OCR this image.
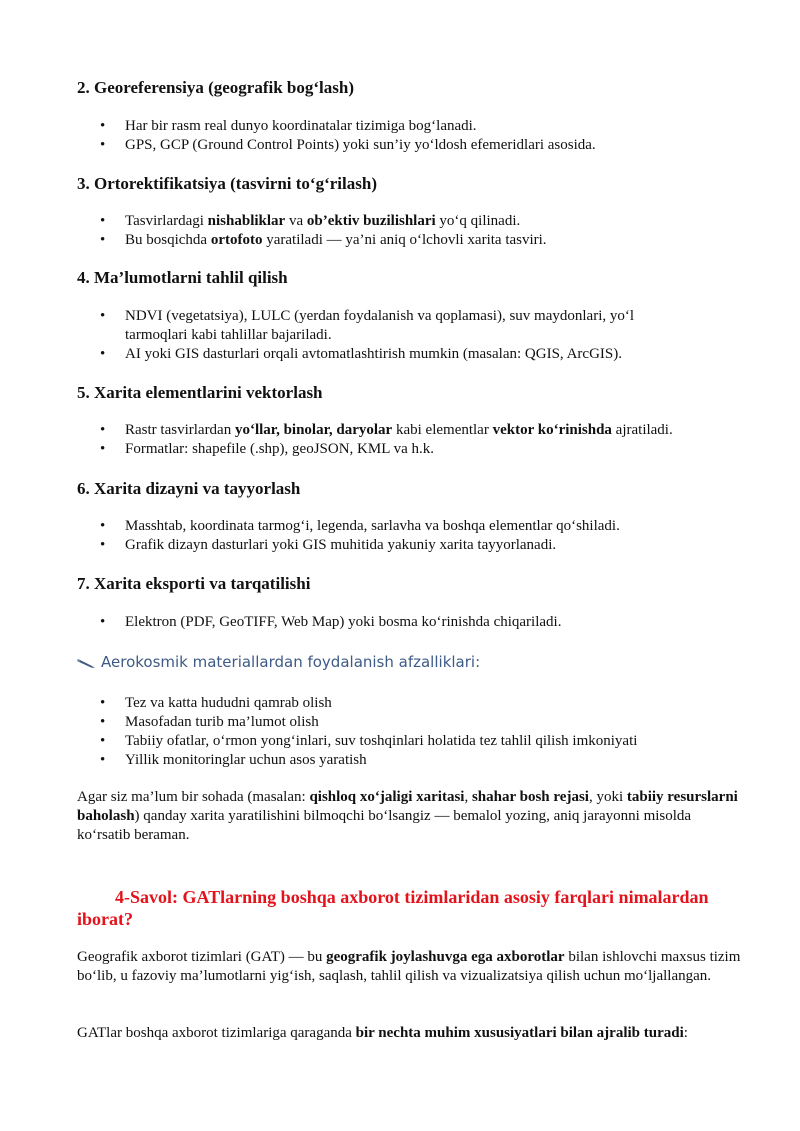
2. Georeferensiya (geografik bog‘lash)
• Har bir rasm real dunyo koordinatalar tizimiga bog‘lanadi.
• GPS, GCP (Ground Control Points) yoki sun’iy yo‘ldosh efemeridlari asosida.
3. Ortorektifikatsiya (tasvirni to‘g‘rilash)
• Tasvirlardagi nishabliklar va ob’ektiv buzilishlari yo‘q qilinadi.
• Bu bosqichda ortofoto yaratiladi — ya’ni aniq o‘lchovli xarita tasviri.
4. Ma’lumotlarni tahlil qilish
• NDVI (vegetatsiya), LULC (yerdan foydalanish va qoplamasi), suv maydonlari, yo‘l tarmoqlari kabi tahlillar bajariladi.
• AI yoki GIS dasturlari orqali avtomatlashtirish mumkin (masalan: QGIS, ArcGIS).
5. Xarita elementlarini vektorlash
• Rastr tasvirlardan yo‘llar, binolar, daryolar kabi elementlar vektor ko‘rinishda ajratiladi.
• Formatlar: shapefile (.shp), geoJSON, KML va h.k.
6. Xarita dizayni va tayyorlash
• Masshtab, koordinata tarmog‘i, legenda, sarlavha va boshqa elementlar qo‘shiladi.
• Grafik dizayn dasturlari yoki GIS muhitida yakuniy xarita tayyorlanadi.
7. Xarita eksporti va tarqatilishi
• Elektron (PDF, GeoTIFF, Web Map) yoki bosma ko‘rinishda chiqariladi.

Aerokosmik materiallardan foydalanish afzalliklari:

• Tez va katta hududni qamrab olish
• Masofadan turib ma’lumot olish
• Tabiiy ofatlar, o‘rmon yong‘inlari, suv toshqinlari holatida tez tahlil qilish imkoniyati
• Yillik monitoringlar uchun asos yaratish

Agar siz ma’lum bir sohada (masalan: qishloq xo‘jaligi xaritasi, shahar bosh rejasi, yoki tabiiy resurslarni baholash) qanday xarita yaratilishini bilmoqchi bo‘lsangiz — bemalol yozing, aniq jarayonni misolda ko‘rsatib beraman.

4-Savol: GATlarning boshqa axborot tizimlaridan asosiy farqlari nimalardan iborat?

Geografik axborot tizimlari (GAT) — bu geografik joylashuvga ega axborotlar bilan ishlovchi maxsus tizim bo‘lib, u fazoviy ma’lumotlarni yig‘ish, saqlash, tahlil qilish va vizualizatsiya qilish uchun mo‘ljallangan.

GATlar boshqa axborot tizimlariga qaraganda bir nechta muhim xususiyatlari bilan ajralib turadi:
